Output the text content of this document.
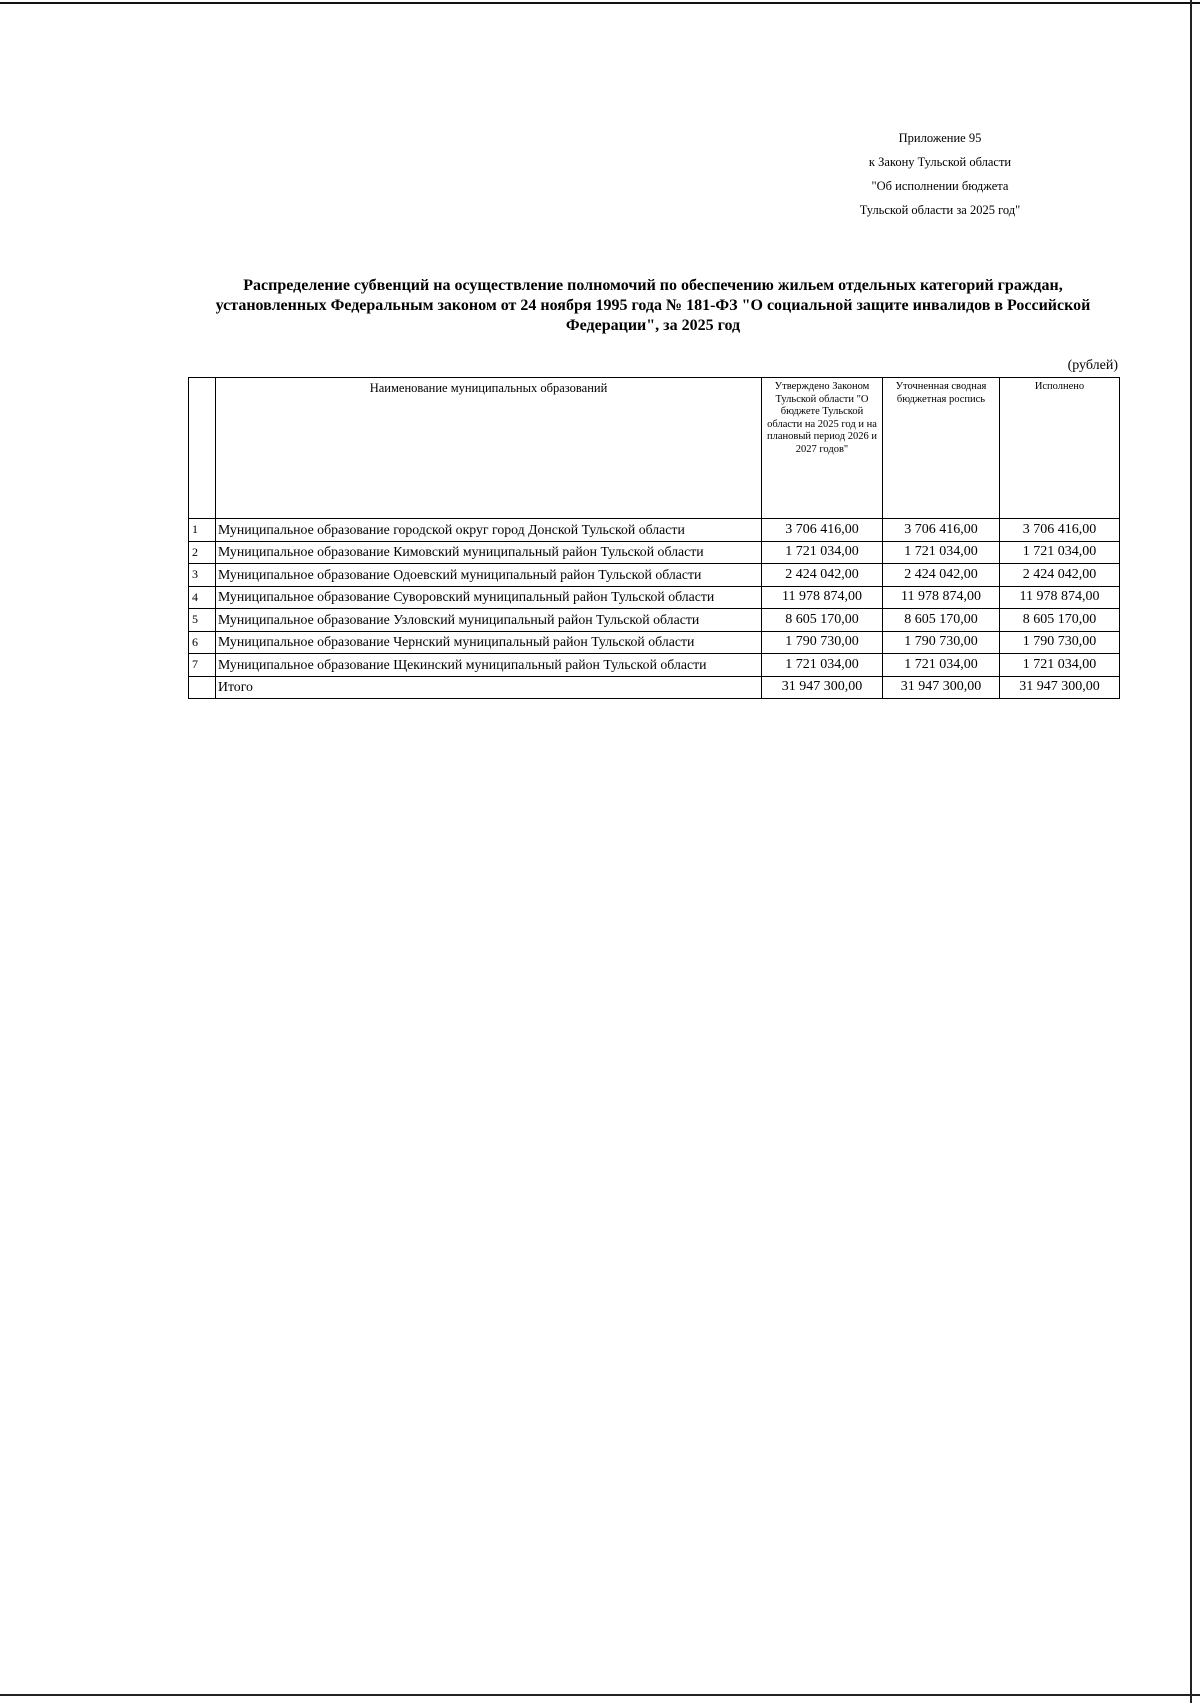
Приложение 95
к Закону Тульской области
"Об исполнении бюджета
Тульской области за 2025 год"
Распределение субвенций на осуществление полномочий по обеспечению жильем отдельных категорий граждан, установленных Федеральным законом от 24 ноября 1995 года № 181-ФЗ "О социальной защите инвалидов в Российской Федерации", за 2025 год
(рублей)
	Наименование муниципальных образований	Утверждено Законом Тульской области "О бюджете Тульской области на 2025 год и на плановый период 2026 и 2027 годов"	Уточненная сводная бюджетная роспись	Исполнено
1	Муниципальное образование городской округ город Донской Тульской области	3 706 416,00	3 706 416,00	3 706 416,00
2	Муниципальное образование Кимовский муниципальный район Тульской области	1 721 034,00	1 721 034,00	1 721 034,00
3	Муниципальное образование Одоевский муниципальный район Тульской области	2 424 042,00	2 424 042,00	2 424 042,00
4	Муниципальное образование Суворовский муниципальный район Тульской области	11 978 874,00	11 978 874,00	11 978 874,00
5	Муниципальное образование Узловский муниципальный район Тульской области	8 605 170,00	8 605 170,00	8 605 170,00
6	Муниципальное образование Чернский муниципальный район Тульской области	1 790 730,00	1 790 730,00	1 790 730,00
7	Муниципальное образование Щекинский муниципальный район Тульской области	1 721 034,00	1 721 034,00	1 721 034,00
	Итого	31 947 300,00	31 947 300,00	31 947 300,00
